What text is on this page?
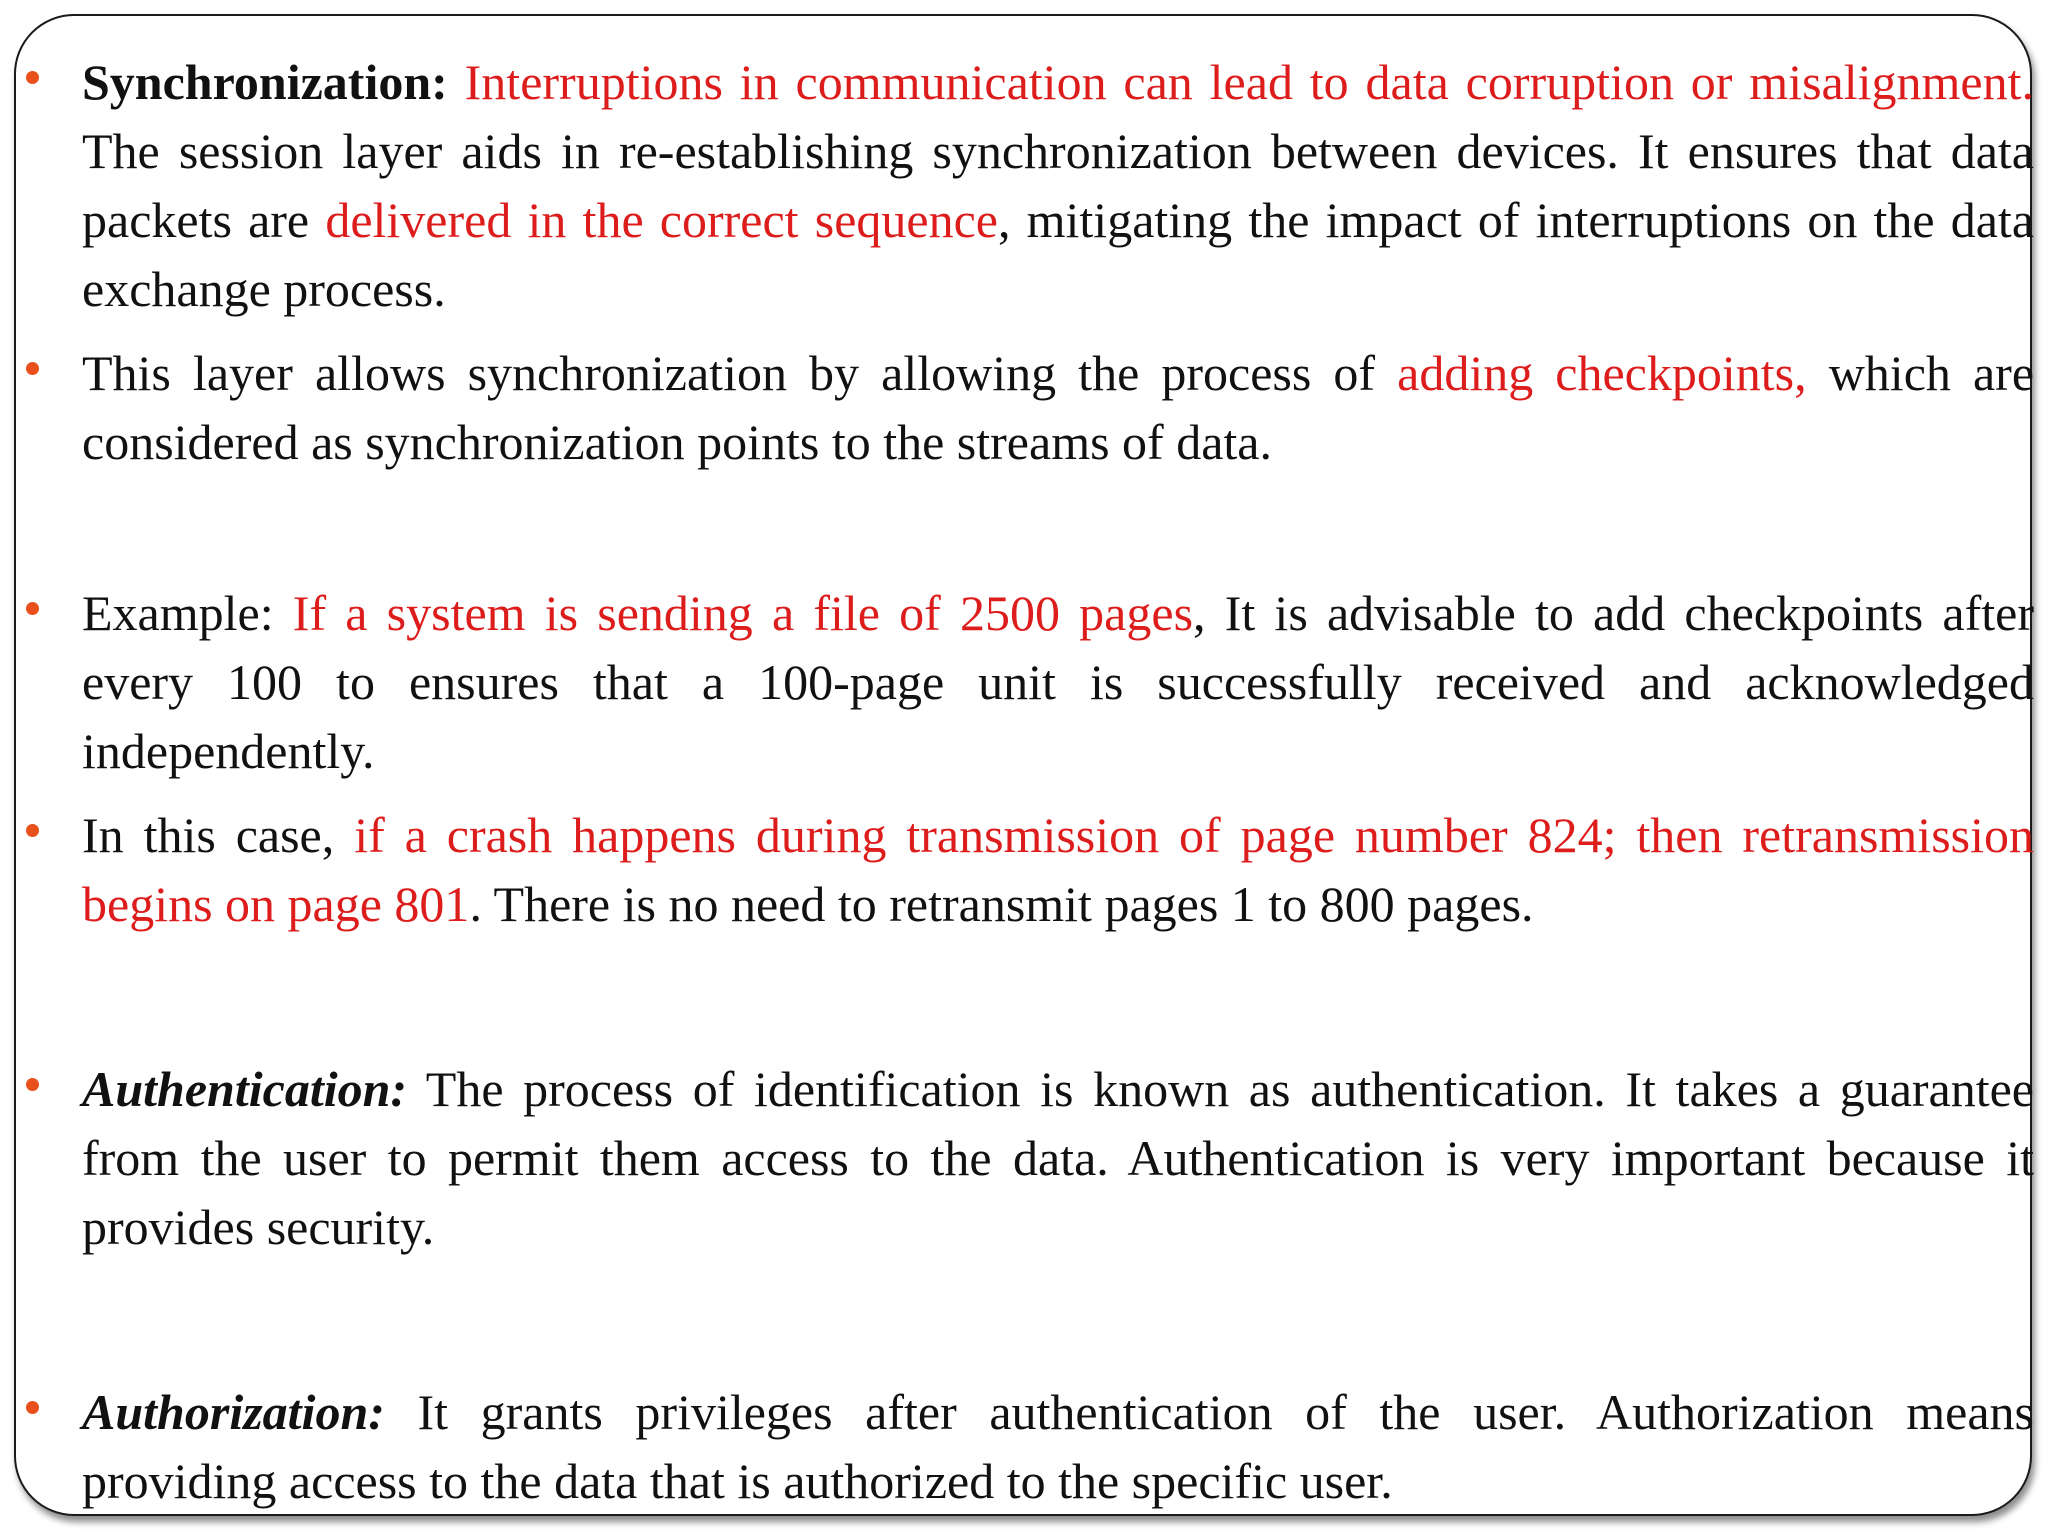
Synchronization: Interruptions in communication can lead to data corruption or misalignment. The session layer aids in re-establishing synchronization between devices. It ensures that data packets are delivered in the correct sequence, mitigating the impact of interruptions on the data exchange process.
This layer allows synchronization by allowing the process of adding checkpoints, which are considered as synchronization points to the streams of data.
Example: If a system is sending a file of 2500 pages, It is advisable to add checkpoints after every 100 to ensures that a 100-page unit is successfully received and acknowledged independently.
In this case, if a crash happens during transmission of page number 824; then retransmission begins on page 801. There is no need to retransmit pages 1 to 800 pages.
Authentication: The process of identification is known as authentication. It takes a guarantee from the user to permit them access to the data. Authentication is very important because it provides security.
Authorization: It grants privileges after authentication of the user. Authorization means providing access to the data that is authorized to the specific user.
